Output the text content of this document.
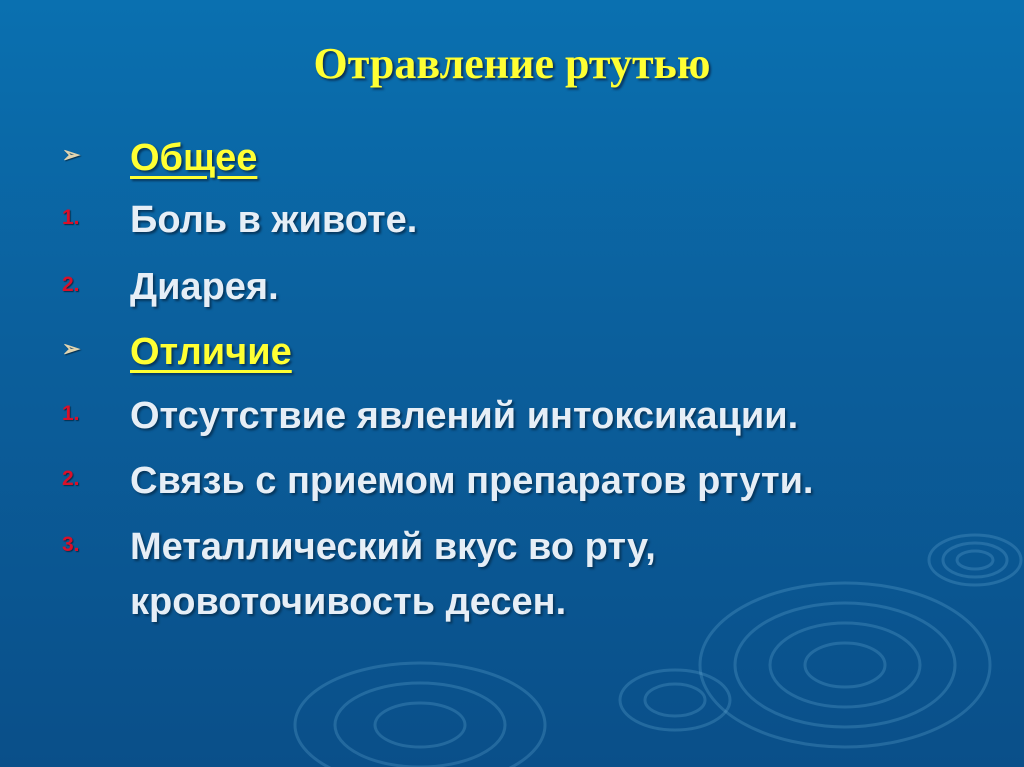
Отравление ртутью
➢	Общее
1.	Боль в животе.
2.	Диарея.
➢	Отличие
1.	Отсутствие явлений интоксикации.
2.	Связь с приемом препаратов ртути.
3.	Металлический вкус во рту,
кровоточивость десен.
